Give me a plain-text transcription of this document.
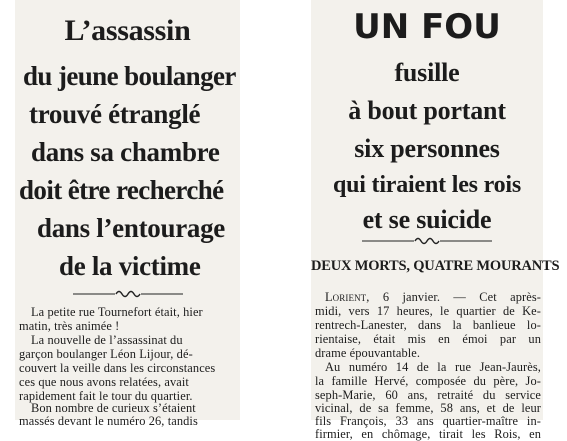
L’assassin
du jeune boulanger
trouvé étranglé
dans sa chambre
doit être recherché
dans l’entourage
de la victime
La petite rue Tournefort était, hier
matin, très animée !
La nouvelle de l’assassinat du
garçon boulanger Léon Lijour, dé-
couvert la veille dans les circonstances
ces que nous avons relatées, avait
rapidement fait le tour du quartier.
Bon nombre de curieux s’étaient
massés devant le numéro 26, tandis
UN FOU
fusille
à bout portant
six personnes
qui tiraient les rois
et se suicide
DEUX MORTS, QUATRE MOURANTS
Lorient, 6 janvier. — Cet après-
midi, vers 17 heures, le quartier de Ke-
rentrech-Lanester, dans la banlieue lo-
rientaise, était mis en émoi par un
drame épouvantable.
Au numéro 14 de la rue Jean-Jaurès,
la famille Hervé, composée du père, Jo-
seph-Marie, 60 ans, retraité du service
vicinal, de sa femme, 58 ans, et de leur
fils François, 33 ans quartier-maître in-
firmier, en chômage, tirait les Rois, en
